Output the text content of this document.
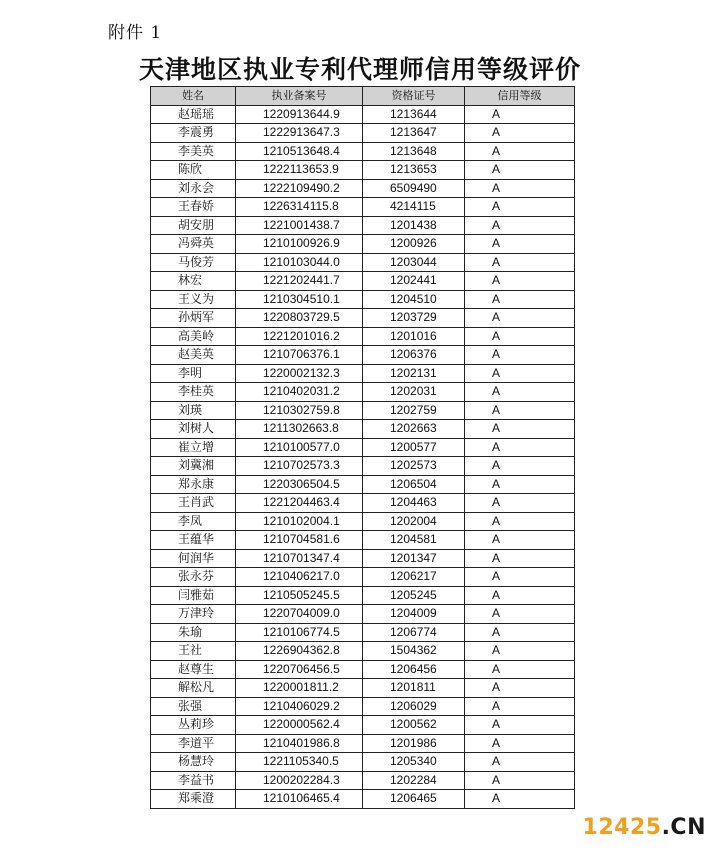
附件 1
天津地区执业专利代理师信用等级评价
姓名	执业备案号	资格证号	信用等级
赵瑶瑶	1220913644.9	1213644	A
李震勇	1222913647.3	1213647	A
李美英	1210513648.4	1213648	A
陈欣	1222113653.9	1213653	A
刘永会	1222109490.2	6509490	A
王春娇	1226314115.8	4214115	A
胡安朋	1221001438.7	1201438	A
冯舜英	1210100926.9	1200926	A
马俊芳	1210103044.0	1203044	A
林宏	1221202441.7	1202441	A
王义为	1210304510.1	1204510	A
孙炳军	1220803729.5	1203729	A
高美岭	1221201016.2	1201016	A
赵美英	1210706376.1	1206376	A
李明	1220002132.3	1202131	A
李桂英	1210402031.2	1202031	A
刘瑛	1210302759.8	1202759	A
刘树人	1211302663.8	1202663	A
崔立增	1210100577.0	1200577	A
刘冀湘	1210702573.3	1202573	A
郑永康	1220306504.5	1206504	A
王肖武	1221204463.4	1204463	A
李凤	1210102004.1	1202004	A
王蕴华	1210704581.6	1204581	A
何润华	1210701347.4	1201347	A
张永芬	1210406217.0	1206217	A
闫雅茹	1210505245.5	1205245	A
万津玲	1220704009.0	1204009	A
朱瑜	1210106774.5	1206774	A
王社	1226904362.8	1504362	A
赵尊生	1220706456.5	1206456	A
解松凡	1220001811.2	1201811	A
张强	1210406029.2	1206029	A
丛莉珍	1220000562.4	1200562	A
李道平	1210401986.8	1201986	A
杨慧玲	1221105340.5	1205340	A
李益书	1200202284.3	1202284	A
郑乘澄	1210106465.4	1206465	A
12425.CN
